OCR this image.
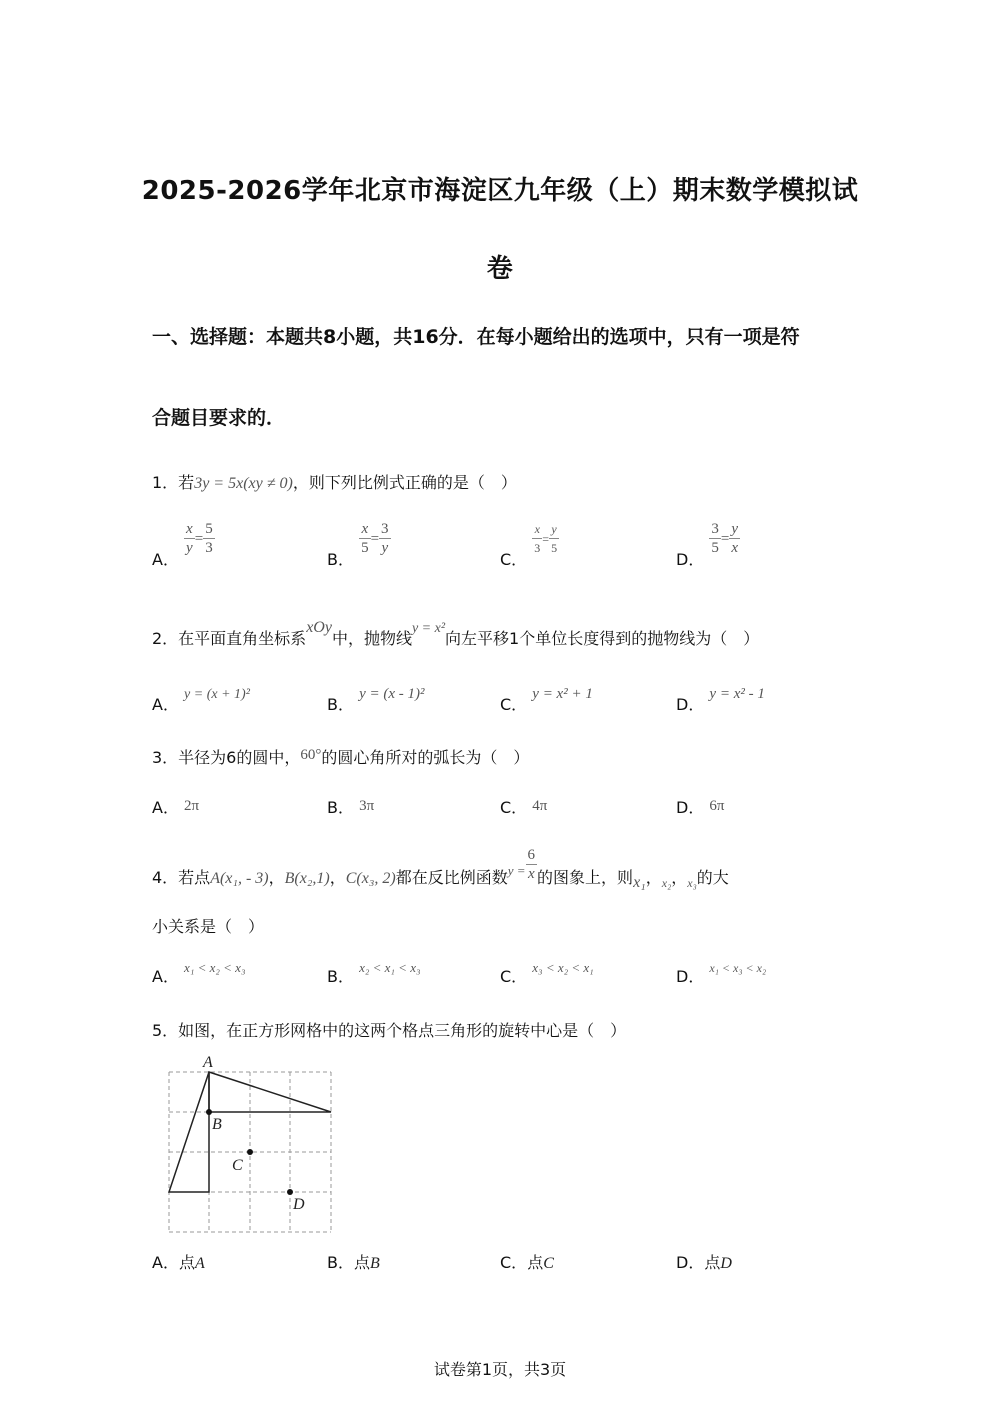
2025-2026学年北京市海淀区九年级（上）期末数学模拟试
卷
一、选择题：本题共8小题，共16分．在每小题给出的选项中，只有一项是符
合题目要求的．
1．若3y = 5x(xy ≠ 0)，则下列比例式正确的是（　）
A．
$\frac{x}{y} = \frac{5}{3}$
B．
$\frac{x}{5} = \frac{3}{y}$
C．
$\frac{x}{3} = \frac{y}{5}$
D．
$\frac{3}{5} = \frac{y}{x}$
2．在平面直角坐标系xOy中，抛物线y = x²向左平移1个单位长度得到的抛物线为（　）
A． y = (x + 1)²
B． y = (x - 1)²
C． y = x² + 1
D． y = x² - 1
3．半径为6的圆中，60°的圆心角所对的弧长为（　）
A． 2π	B． 3π	C． 4π	D． 6π
4．若点A(x₁, - 3)，B(x₂,1)，C(x₃, 2)都在反比例函数$_{y =} \frac{6}{x}$ 的图象上，则x₁，$_{x_2}$，$_{x_3}$的大
小关系是（　）
A． $^{x_1 < x_2 < x_3}$	B． $^{x_2 < x_1 < x_3}$	C． $^{x_3 < x_2 < x_1}$	D． $^{x_1 < x_3 < x_2}$
5．如图，在正方形网格中的这两个格点三角形的旋转中心是（　）
A
B
C
D
A．点A	B．点B	C．点C	D．点D
试卷第1页，共3页
